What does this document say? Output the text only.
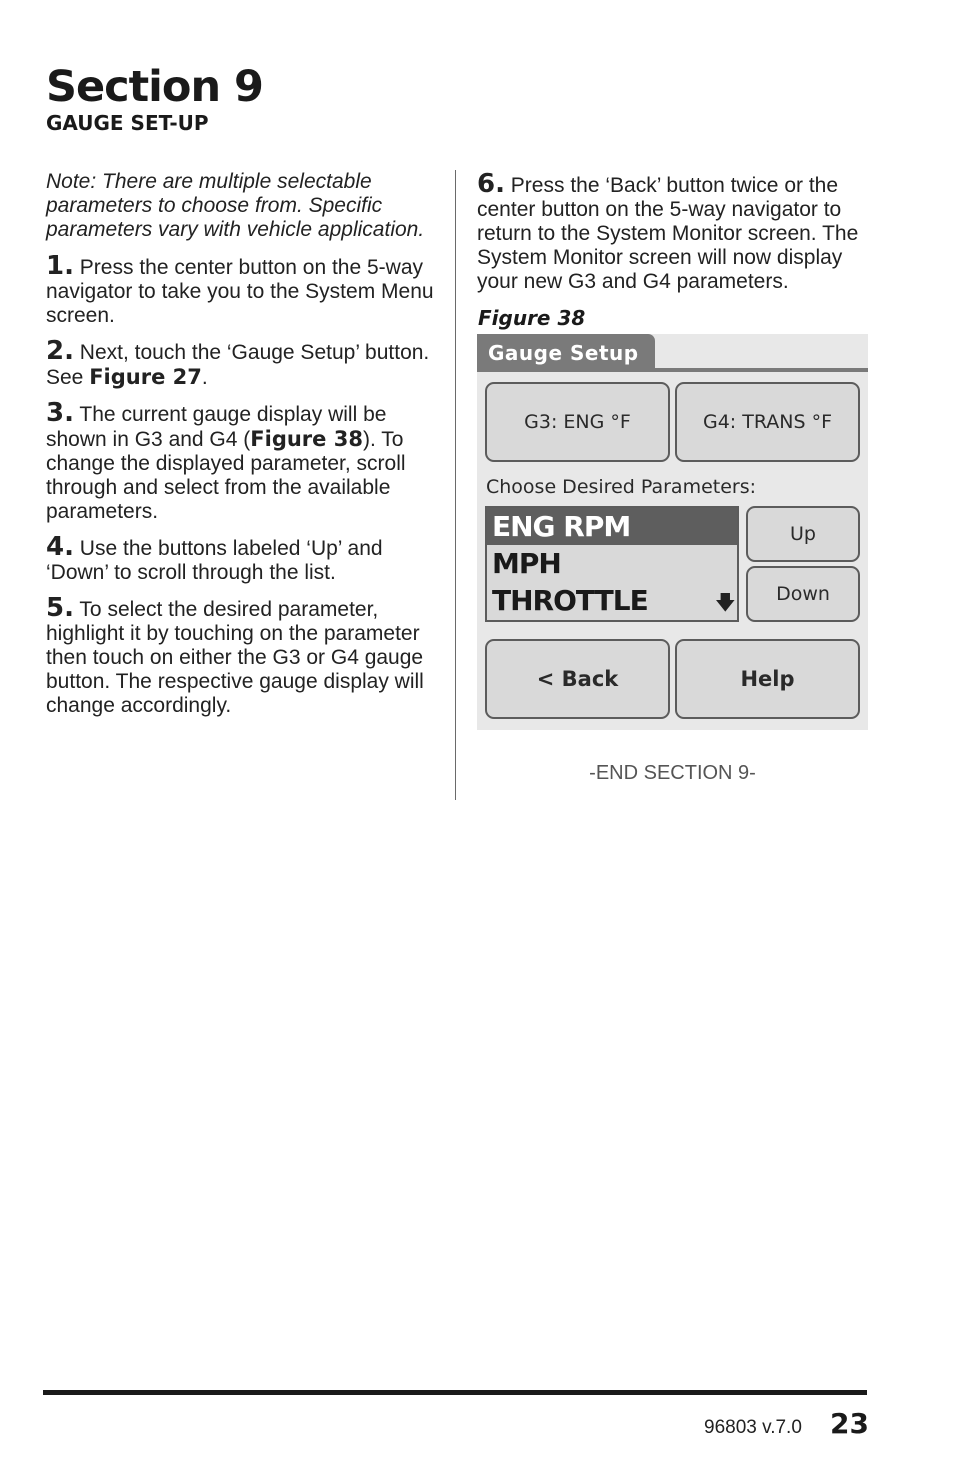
Section 9
GAUGE SET-UP

Note: There are multiple selectable parameters to choose from. Specific parameters vary with vehicle application.

1. Press the center button on the 5-way navigator to take you to the System Menu screen.

2. Next, touch the ‘Gauge Setup’ button. See Figure 27.

3. The current gauge display will be shown in G3 and G4 (Figure 38). To change the displayed parameter, scroll through and select from the available parameters.

4. Use the buttons labeled ‘Up’ and ‘Down’ to scroll through the list.

5. To select the desired parameter, highlight it by touching on the parameter then touch on either the G3 or G4 gauge button. The respective gauge display will change accordingly.

6. Press the ‘Back’ button twice or the center button on the 5-way navigator to return to the System Monitor screen. The System Monitor screen will now display your new G3 and G4 parameters.

Figure 38
Gauge Setup
G3: ENG °F	G4: TRANS °F
Choose Desired Parameters:
ENG RPM
MPH
THROTTLE	🡇
Up
Down
< Back	Help
-END SECTION 9-
96803 v.7.0 23
